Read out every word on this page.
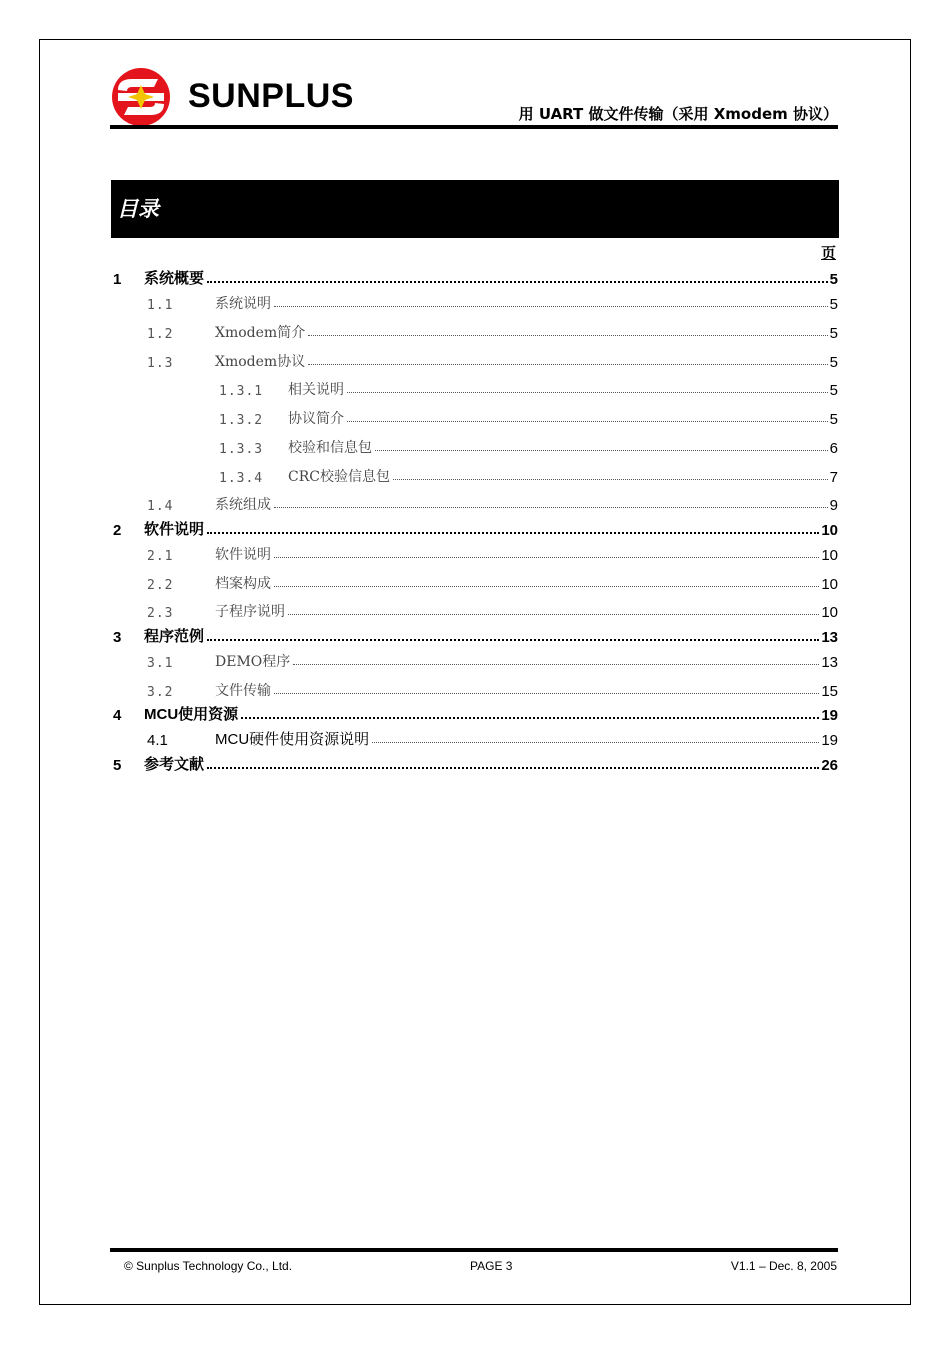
SUNPLUS	用 UART 做文件传输（采用 Xmodem 协议）
目录
页
1	系统概要	5
1.1	系统说明	5
1.2	Xmodem简介	5
1.3	Xmodem协议	5
1.3.1	相关说明	5
1.3.2	协议简介	5
1.3.3	校验和信息包	6
1.3.4	CRC校验信息包	7
1.4	系统组成	9
2	软件说明	10
2.1	软件说明	10
2.2	档案构成	10
2.3	子程序说明	10
3	程序范例	13
3.1	DEMO程序	13
3.2	文件传输	15
4	MCU使用资源	19
4.1	MCU硬件使用资源说明	19
5	参考文献	26
© Sunplus Technology Co., Ltd.	PAGE 3	V1.1 – Dec. 8, 2005
